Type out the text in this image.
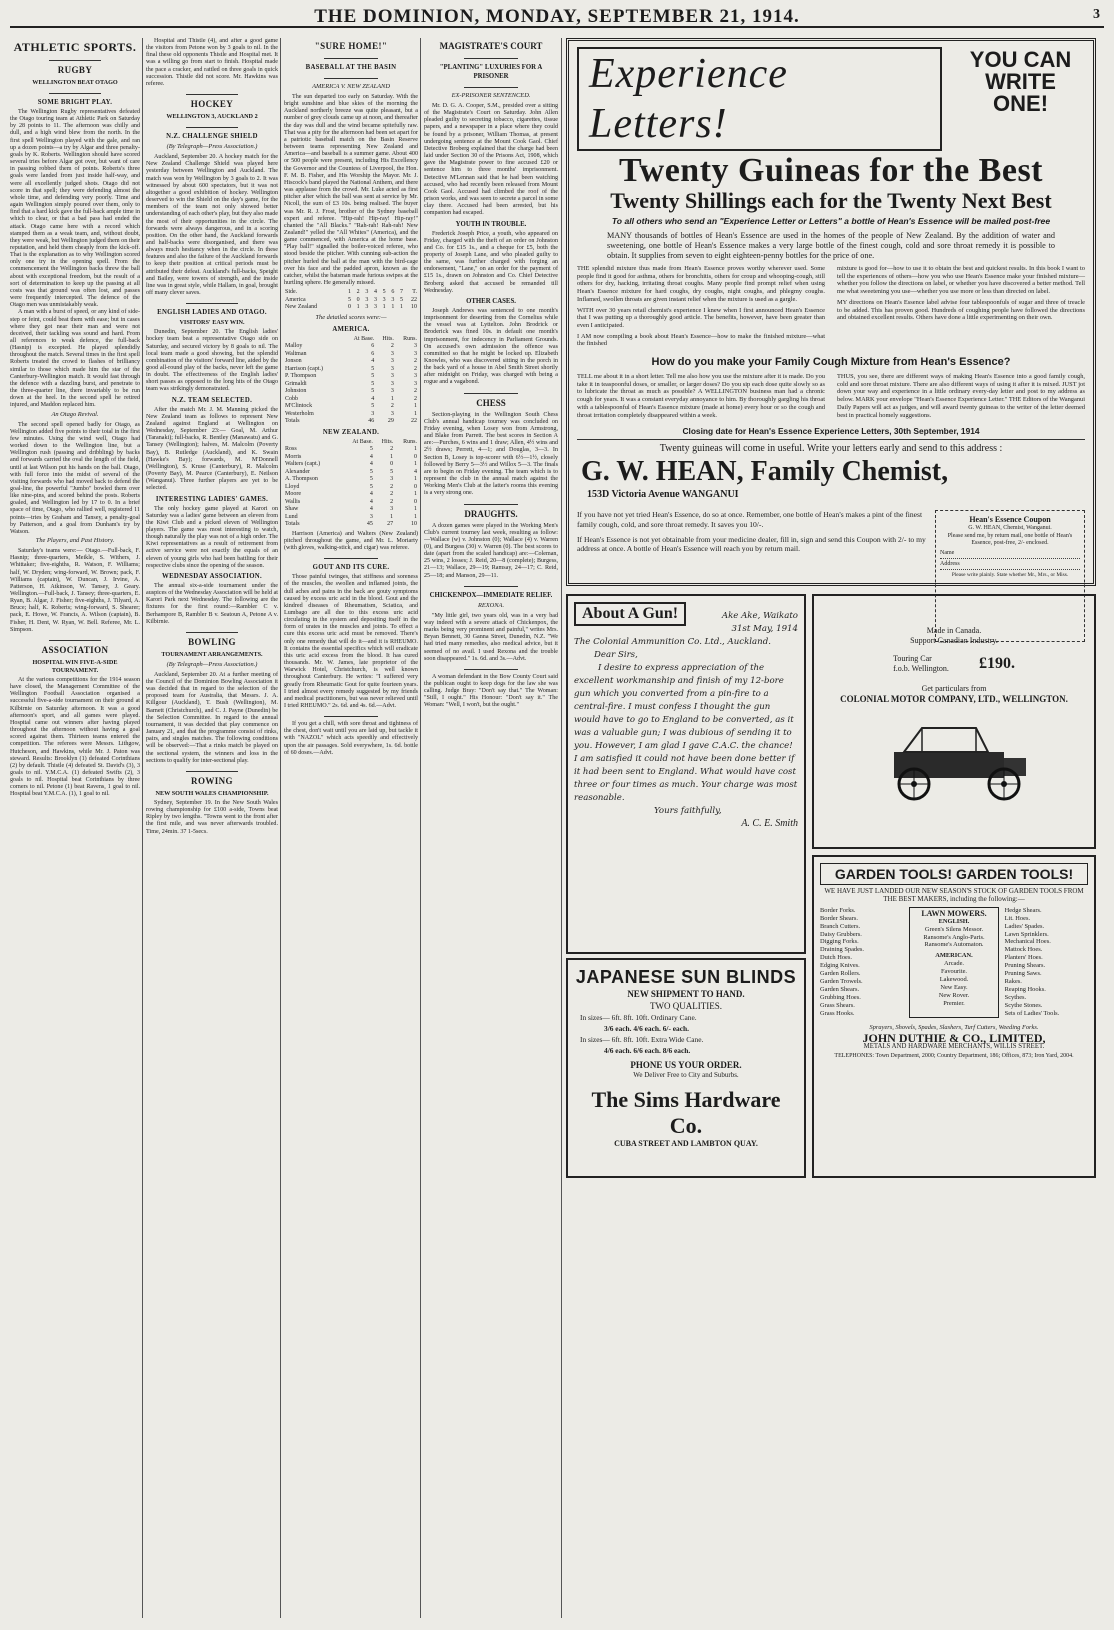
THE DOMINION, MONDAY, SEPTEMBER 21, 1914.	3
ATHLETIC SPORTS.
RUGBY
WELLINGTON BEAT OTAGO
SOME BRIGHT PLAY.

The Wellington Rugby representatives defeated the Otago touring team at Athletic Park on Saturday by 28 points to 11. The afternoon was chilly and dull, and a high wind blew from the north. In the first spell Wellington played with the gale, and ran up a dozen points—a try by Algar and three penalty-goals by K. Roberts. Wellington should have scored several tries before Algar got over, but want of care in passing robbed them of points. Roberts's three goals were landed from just inside half-way, and were all excellently judged shots. Otago did not score in that spell; they were defending almost the whole time, and defending very poorly. Time and again Wellington simply poured over them, only to find that a hard kick gave the full-back ample time in which to clear, or that a bad pass had ended the attack. Otago came here with a record which stamped them as a weak team, and, without doubt, they were weak, but Wellington judged them on their reputation, and held them cheaply from the kick-off. That is the explanation as to why Wellington scored only one try in the opening spell. From the commencement the Wellington backs threw the ball about with exceptional freedom, but the result of a sort of determination to keep up the passing at all costs was that ground was often lost, and passes were frequently intercepted. The defence of the Otago men was unmistakably weak.

A man with a burst of speed, or any kind of side-step or feint, could beat them with ease; but in cases where they got near their man and were not deceived, their tackling was sound and hard. From all references to weak defence, the full-back (Hasnip) is excepted. He played splendidly throughout the match. Several times in the first spell Roberts treated the crowd to flashes of brilliancy similar to those which made him the star of the Canterbury-Wellington match. It would fast through the defence with a dazzling burst, and penetrate to the three-quarter line, there invariably to be run down at the heel. In the second spell he retired injured, and Maddon replaced him.

An Otago Revival.

The second spell opened badly for Otago, as Wellington added five points to their total in the first few minutes. Using the wind well, Otago had worked down to the Wellington line, but a Wellington rush (passing and dribbling) by backs and forwards carried the oval the length of the field, until at last Wilson put his hands on the ball. Otago, with full force into the midst of several of the visiting forwards who had moved back to defend the goal-line, the powerful "Jumbo" bowled them over like nine-pins, and scored behind the posts. Roberts goaled, and Wellington led by 17 to 0. In a brief space of time, Otago, who rallied well, registered 11 points—tries by Graham and Tansey, a penalty-goal by Patterson, and a goal from Dunham's try by Watson.

The Players, and Past History.

Saturday's teams were:— Otago.—Full-back, F. Hasnip; three-quarters, Meikle, S. Withers, J. Whittaker; five-eighths, R. Watson, F. Williams; half, W. Dryden; wing-forward, W. Brown; pack, F. Williams (captain), W. Duncan, J. Irvine, A. Patterson, H. Atkinson, W. Tansey, J. Geary. Wellington.—Full-back, J. Tansey; three-quarters, E. Ryan, B. Algar, J. Fisher; five-eighths, J. Tilyard, A. Bruce; half, K. Roberts; wing-forward, S. Shearer; pack, E. Howe, W. Francis, A. Wilson (captain), B. Fisher, H. Dent, W. Ryan, W. Bell. Referee, Mr. L. Simpson.

ASSOCIATION
HOSPITAL WIN FIVE-A-SIDE TOURNAMENT.

At the various competitions for the 1914 season have closed, the Management Committee of the Wellington Football Association organised a successful five-a-side tournament on their ground at Kilbirnie on Saturday afternoon. It was a good afternoon's sport, and all games were played. Hospital came out winners after having played throughout the afternoon without having a goal scored against them. Thirteen teams entered the competition. The referees were Messrs. Lithgow, Hutcheson, and Hawkins, while Mr. J. Paton was steward. Results: Brooklyn (1) defeated Corinthians (2) by default. Thistle (4) defeated St. David's (3), 3 goals to nil. Y.M.C.A. (1) defeated Swifts (2), 3 goals to nil. Hospital beat Corinthians by three corners to nil. Petone (1) beat Ravens, 1 goal to nil. Hospital beat Y.M.C.A. (1), 1 goal to nil.

Hospital and Thistle (4), and after a good game the visitors from Petone won by 3 goals to nil. In the final these old opponents Thistle and Hospital met. It was a willing go from start to finish. Hospital made the pace a cracker, and rattled on three goals in quick succession. Thistle did not score. Mr. Hawkins was referee.

HOCKEY
WELLINGTON 3, AUCKLAND 2
N.Z. CHALLENGE SHIELD
(By Telegraph—Press Association.)

Auckland, September 20. A hockey match for the New Zealand Challenge Shield was played here yesterday between Wellington and Auckland. The match was won by Wellington by 3 goals to 2. It was witnessed by about 600 spectators, but it was not altogether a good exhibition of hockey. Wellington deserved to win the Shield on the day's game, for the members of the team not only showed better understanding of each other's play, but they also made the most of their opportunities in the circle. The forwards were always dangerous, and in a scoring position. On the other hand, the Auckland forwards and half-backs were disorganised, and there was always much hesitancy when in the circle. In these features and also the failure of the Auckland forwards to keep their position at critical periods must be attributed their defeat. Auckland's full-backs, Speight and Bailey, were towers of strength, and the inside line was in great style, while Hallam, in goal, brought off many clever saves.

ENGLISH LADIES AND OTAGO.
VISITORS' EASY WIN.

Dunedin, September 20. The English ladies' hockey team beat a representative Otago side on Saturday, and secured victory by 8 goals to nil. The local team made a good showing, but the splendid combination of the visitors' forward line, aided by the good all-round play of the backs, never left the game in doubt. The effectiveness of the English ladies' short passes as opposed to the long hits of the Otago team was strikingly demonstrated.

N.Z. TEAM SELECTED.

After the match Mr. J. M. Manning picked the New Zealand team as follows to represent New Zealand against England at Wellington on Wednesday, September 23:— Goal, M. Arthur (Taranaki); full-backs, R. Bentley (Manawatu) and G. Tansey (Wellington); halves, M. Malcolm (Poverty Bay), B. Rutledge (Auckland), and K. Swain (Hawke's Bay); forwards, M. M'Donnell (Wellington), S. Kruse (Canterbury), R. Malcolm (Poverty Bay), M. Pearce (Canterbury), E. Neilson (Wanganui). Three further players are yet to be selected.

INTERESTING LADIES' GAMES.

The only hockey game played at Karori on Saturday was a ladies' game between an eleven from the Kiwi Club and a picked eleven of Wellington players. The game was most interesting to watch, though naturally the play was not of a high order. The Kiwi representatives as a result of retirement from active service were not exactly the equals of an eleven of young girls who had been battling for their respective clubs since the opening of the season.

WEDNESDAY ASSOCIATION.

The annual six-a-side tournament under the auspices of the Wednesday Association will be held at Karori Park next Wednesday. The following are the fixtures for the first round:—Rambler C v. Berhampore B, Rambler B v. Seatoun A, Petone A v. Kilbirnie.

BOWLING
TOURNAMENT ARRANGEMENTS.
(By Telegraph—Press Association.)

Auckland, September 20. At a further meeting of the Council of the Dominion Bowling Association it was decided that in regard to the selection of the proposed team for Australia, that Messrs. J. A. Killgour (Auckland), T. Bush (Wellington), M. Barnett (Christchurch), and C. J. Payne (Dunedin) be the Selection Committee. In regard to the annual tournament, it was decided that play commence on January 21, and that the programme consist of rinks, pairs, and singles matches. The following conditions will be observed:—That a rinks match be played on the sectional system, the winners and loss in the sections to qualify for inter-sectional play.

ROWING
NEW SOUTH WALES CHAMPIONSHIP.

Sydney, September 19. In the New South Wales rowing championship for £100 a-side, Towns beat Ripley by two lengths. "Towns went to the front after the first mile, and was never afterwards troubled. Time, 24min. 37 1-5secs.

"SURE HOME!"
BASEBALL AT THE BASIN
AMERICA V. NEW ZEALAND

The sun departed too early on Saturday. With the bright sunshine and blue skies of the morning the Auckland northerly breeze was quite pleasant, but a number of grey clouds came up at noon, and thereafter the day was dull and the wind became spitefully raw. That was a pity for the afternoon had been set apart for a patriotic baseball match on the Basin Reserve between teams representing New Zealand and America—and baseball is a summer game. About 400 or 500 people were present, including His Excellency the Governor and the Countess of Liverpool, the Hon. F. M. B. Fisher, and His Worship the Mayor. Mr. J. Hiscock's band played the National Anthem, and there was applause from the crowd. Mr. Luke acted as first pitcher after which the ball was sent at service by Mr. Nicoll, the sum of £3 10s. being realised. The buyer was Mr. R. J. Frost, brother of the Sydney baseball expert and referee. "Hip-rah! Hip-ray! Hip-ray!" chanted the "All Blacks." "Rah-rah! Rah-rah! New Zealand!" yelled the "All Whites" (America), and the game commenced, with America at the home base. "Play ball!" signalled the boiler-voiced referee, who stood beside the pitcher. With cunning sub-action the pitcher hurled the ball at the man with the bird-cage over his face and the padded apron, known as the catcher, whilst the batsman made furious swipes at the hurtling sphere. He generally missed.

Side.	1	2	3	4	5	6	7	T.
America	5	0	3	3	3	3	5	22
New Zealand	0	1	3	3	1	1	1	10
The detailed scores were:—
AMERICA.
	At Base.	Hits.	Runs.
Malloy	6	2	3
Waltman	6	3	3
Jonson	4	3	2
Harrison (capt.)	5	3	2
P. Thompson	5	3	3
Grimaldi	5	3	3
Johnston	5	3	2
Cobb	4	1	2
M'Clintock	5	2	1
Westerholm	3	3	1
Totals	46	29	22
NEW ZEALAND.
	At Base.	Hits.	Runs.
Ross	5	2	1
Morris	4	1	0
Walters (capt.)	4	0	1
Alexander	5	5	4
A. Thompson	5	3	1
Lloyd	5	2	0
Moore	4	2	1
Wallis	4	2	0
Shaw	4	3	1
Lund	3	1	1
Totals	45	27	10

Harrison (America) and Walters (New Zealand) pitched throughout the game, and Mr. L. Moriarty (with gloves, walking-stick, and cigar) was referee.

GOUT AND ITS CURE.

Those painful twinges, that stiffness and soreness of the muscles, the swollen and inflamed joints, the dull aches and pains in the back are gouty symptoms caused by excess uric acid in the blood. Gout and the kindred diseases of Rheumatism, Sciatica, and Lumbago are all due to this excess uric acid circulating in the system and depositing itself in the form of urates in the muscles and joints. To effect a cure this excess uric acid must be removed. There's only one remedy that will do it—and it is RHEUMO. It contains the essential specifics which will eradicate this uric acid excess from the blood. It has cured thousands. Mr. W. James, late proprietor of the Warwick Hotel, Christchurch, is well known throughout Canterbury. He writes: "I suffered very greatly from Rheumatic Gout for quite fourteen years. I tried almost every remedy suggested by my friends and medical practitioners, but was never relieved until I tried RHEUMO." 2s. 6d. and 4s. 6d.—Advt.

If you get a chill, with sore throat and tightness of the chest, don't wait until you are laid up, but tackle it with "NAZOL" which acts speedily and effectively upon the air passages. Sold everywhere, 1s. 6d. bottle of 60 doses.—Advt.

Experience Letters!
YOU CAN
WRITE ONE!
Twenty Guineas for the Best
Twenty Shillings each for the Twenty Next Best
To all others who send an "Experience Letter or Letters" a bottle of Hean's Essence will be mailed post-free
MANY thousands of bottles of Hean's Essence are used in the homes of the people of New Zealand. By the addition of water and sweetening, one bottle of Hean's Essence makes a very large bottle of the finest cough, cold and sore throat remedy it is possible to obtain. It supplies from seven to eight eighteen-penny bottles for the price of one.

THE splendid mixture thus made from Hean's Essence proves worthy wherever used. Some people find it good for asthma, others for bronchitis, others for croup and whooping-cough, still others for dry, hacking, irritating throat coughs. Many people find prompt relief when using Hean's Essence mixture for hard coughs, dry coughs, night coughs, and phlegmy coughs. Inflamed, swollen throats are given instant relief when the mixture is used as a gargle.

WITH over 30 years retail chemist's experience I knew when I first announced Hean's Essence that I was putting up a thoroughly good article. The benefits, however, have been greater than even I anticipated.

I AM now compiling a book about Hean's Essence—how to make the finished mixture—what the finished

mixture is good for—how to use it to obtain the best and quickest results. In this book I want to tell the experiences of others—how you who use Hean's Essence make your finished mixture—whether you follow the directions on label, or whether you have discovered a better method. Tell me what sweetening you use—whether you use more or less than directed on label.

MY directions on Hean's Essence label advise four tablespoonfuls of sugar and three of treacle to be added. This has proven good. Hundreds of coughing people have followed the directions and obtained excellent results. Others have done a little experimenting on their own.

How do you make your Family Cough Mixture from Hean's Essence?

TELL me about it in a short letter. Tell me also how you use the mixture after it is made. Do you take it in teaspoonful doses, or smaller, or larger doses? Do you sip each dose quite slowly so as to lubricate the throat as much as possible? A WELLINGTON business man had a chronic cough for years. It was a constant everyday annoyance to him. By thoroughly gargling his throat with a tablespoonful of Hean's Essence mixture (made at home) every hour or so the cough and throat irritation completely disappeared within a week.

THUS, you see, there are different ways of making Hean's Essence into a good family cough, cold and sore throat mixture. There are also different ways of using it after it is mixed. JUST jot down your way and experience in a little ordinary every-day letter and post to my address as below. MARK your envelope "Hean's Essence Experience Letter." THE Editors of the Wanganui Daily Papers will act as judges, and will award twenty guineas to the writer of the letter deemed best in practical homely suggestions.

Closing date for Hean's Essence Experience Letters, 30th September, 1914
Twenty guineas will come in useful. Write your letters early and send to this address :
G. W. HEAN, Family Chemist, 153D Victoria Avenue WANGANUI

If you have not yet tried Hean's Essence, do so at once. Remember, one bottle of Hean's makes a pint of the finest family cough, cold, and sore throat remedy. It saves you 10/-.

If Hean's Essence is not yet obtainable from your medicine dealer, fill in, sign and send this Coupon with 2/- to my address at once. A bottle of Hean's Essence will reach you by return mail.

Hean's Essence Coupon
G. W. HEAN, Chemist, Wanganui.
Please send me, by return mail, one bottle of Hean's Essence, post-free, 2/- enclosed.
Name
Address
Please write plainly. State whether Mr., Mrs., or Miss.
About A Gun!	Ake Ake, Waikato
31st May, 1914
The Colonial Ammunition Co. Ltd., Auckland.
Dear Sirs,
I desire to express appreciation of the excellent workmanship and finish of my 12-bore gun which you converted from a pin-fire to a central-fire. I must confess I thought the gun would have to go to England to be converted, as it was a valuable gun; I was dubious of sending it to you. However, I am glad I gave C.A.C. the chance! I am satisfied it could not have been done better if it had been sent to England. What would have cost three or four times as much. Your charge was most reasonable.
Yours faithfully,
A. C. E. Smith
Made in Canada.
Support Canadian Industry.
Touring Car
f.o.b. Wellington. £190.
Get particulars from
COLONIAL MOTOR COMPANY, LTD., WELLINGTON.
GARDEN TOOLS! GARDEN TOOLS!
WE HAVE JUST LANDED OUR NEW SEASON'S STOCK OF GARDEN TOOLS FROM THE BEST MAKERS, including the following:—
Border Forks.
Border Shears.
Branch Cutters.
Daisy Grubbers.
Digging Forks.
Draining Spades.
Dutch Hoes.
Edging Knives.
Garden Rollers.
Garden Trowels.
Garden Shears.
Grubbing Hoes.
Grass Shears.
Grass Hooks.
LAWN MOWERS.
ENGLISH.
Green's Silens Messor.
Ransome's Anglo-Paris.
Ransome's Automaton.
AMERICAN.
Arcade.
Favourite.
Lakewood.
New Easy.
New Rover.
Premier.
Hedge Shears.
Lit. Hoes.
Ladies' Spades.
Lawn Sprinklers.
Mechanical Hoes.
Mattock Hoes.
Planters' Hoes.
Pruning Shears.
Pruning Saws.
Rakes.
Reaping Hooks.
Scythes.
Scythe Stones.
Sets of Ladies' Tools.
Sprayers, Shovels, Spades, Slashers, Turf Cutters, Weeding Forks.
JOHN DUTHIE & CO., LIMITED,
METALS AND HARDWARE MERCHANTS, WILLIS STREET.
TELEPHONES: Town Department, 2000; Country Department, 186; Offices, 873; Iron Yard, 2004.
JAPANESE SUN BLINDS
NEW SHIPMENT TO HAND.
TWO QUALITIES.
In sizes— 6ft. 8ft. 10ft. Ordinary Cane.
3/6 each. 4/6 each. 6/- each.
In sizes— 6ft. 8ft. 10ft. Extra Wide Cane.
4/6 each. 6/6 each. 8/6 each.
PHONE US YOUR ORDER.
We Deliver Free to City and Suburbs.
The Sims Hardware Co.
CUBA STREET AND LAMBTON QUAY.
MAGISTRATE'S COURT
"PLANTING" LUXURIES FOR A PRISONER
EX-PRISONER SENTENCED.

Mr. D. G. A. Cooper, S.M., presided over a sitting of the Magistrate's Court on Saturday. John Allen pleaded guilty to secreting tobacco, cigarettes, tissue papers, and a newspaper in a place where they could be found by a prisoner, William Thomas, at present undergoing sentence at the Mount Cook Gaol. Chief Detective Broberg explained that the charge had been laid under Section 30 of the Prisons Act, 1908, which gave the Magistrate power to fine accused £20 or sentence him to three months' imprisonment. Detective M'Lennan said that he had been watching accused, who had recently been released from Mount Cook Gaol. Accused had climbed the roof of the prison works, and was seen to secrete a parcel in some clay there. Accused had been arrested, but his companion had escaped.

YOUTH IN TROUBLE.

Frederick Joseph Price, a youth, who appeared on Friday, charged with the theft of an order on Johnston and Co. for £15 1s., and a cheque for £5, both the property of Joseph Lane, and who pleaded guilty to the same, was further charged with forging an endorsement, "Lane," on an order for the payment of £15 1s., drawn on Johnston and Co. Chief Detective Broberg asked that accused be remanded till Wednesday.

OTHER CASES.

Joseph Andrews was sentenced to one month's imprisonment for deserting from the Cornelius while the vessel was at Lyttelton. John Brodrick or Broderick was fined 10s. in default one month's imprisonment, for indecency in Parliament Grounds. On accused's own admission the offence was committed so that he might be locked up. Elizabeth Knowles, who was discovered sitting in the porch in the back yard of a house in Abel Smith Street shortly after midnight on Friday, was charged with being a rogue and a vagabond.

CHESS

Section-playing in the Wellington South Chess Club's annual handicap tourney was concluded on Friday evening, when Losey won from Armstrong, and Blake from Parrett. The best scores in Section A are:—Purches, 6 wins and 1 draw; Allen, 4½ wins and 2½ draws; Perrett, 4—1; and Douglas, 3—3. In Section B, Losey is top-scorer with 6½—1½, closely followed by Berry 5—3½ and Willox 5—3. The finals are to begin on Friday evening. The team which is to represent the club in the annual match against the Working Men's Club at the latter's rooms this evening is a very strong one.

DRAUGHTS.

A dozen games were played in the Working Men's Club's current tourney last week, resulting as follow:—Wallace (w) v. Johnston (0); Wallace (4) v. Warren (0), and Burgess (30) v. Warren (0). The best scores to date (apart from the scaled handicap) are:—Coleman, 25 wins, 2 losses; J. Reid, 20—8 (complete); Burgess, 21—13; Wallace, 29—19; Ramsay, 24—17; C. Reid, 25—18; and Manson, 29—11.

CHICKENPOX—IMMEDIATE RELIEF.
REXONA.

"My little girl, two years old, was in a very bad way indeed with a severe attack of Chickenpox, the marks being very prominent and painful," writes Mrs. Bryan Bennett, 30 Ganna Street, Dunedin, N.Z. "We had tried many remedies, also medical advice, but it seemed of no avail. I used Rexona and the trouble soon disappeared." 1s. 6d. and 3s.—Advt.

A woman defendant in the Bow County Court said the publican ought to keep dogs for the law she was calling. Judge Bray: "Don't say that." The Woman: "Still, I ought." His Honour: "Don't say it." The Woman: "Well, I won't, but the ought."
